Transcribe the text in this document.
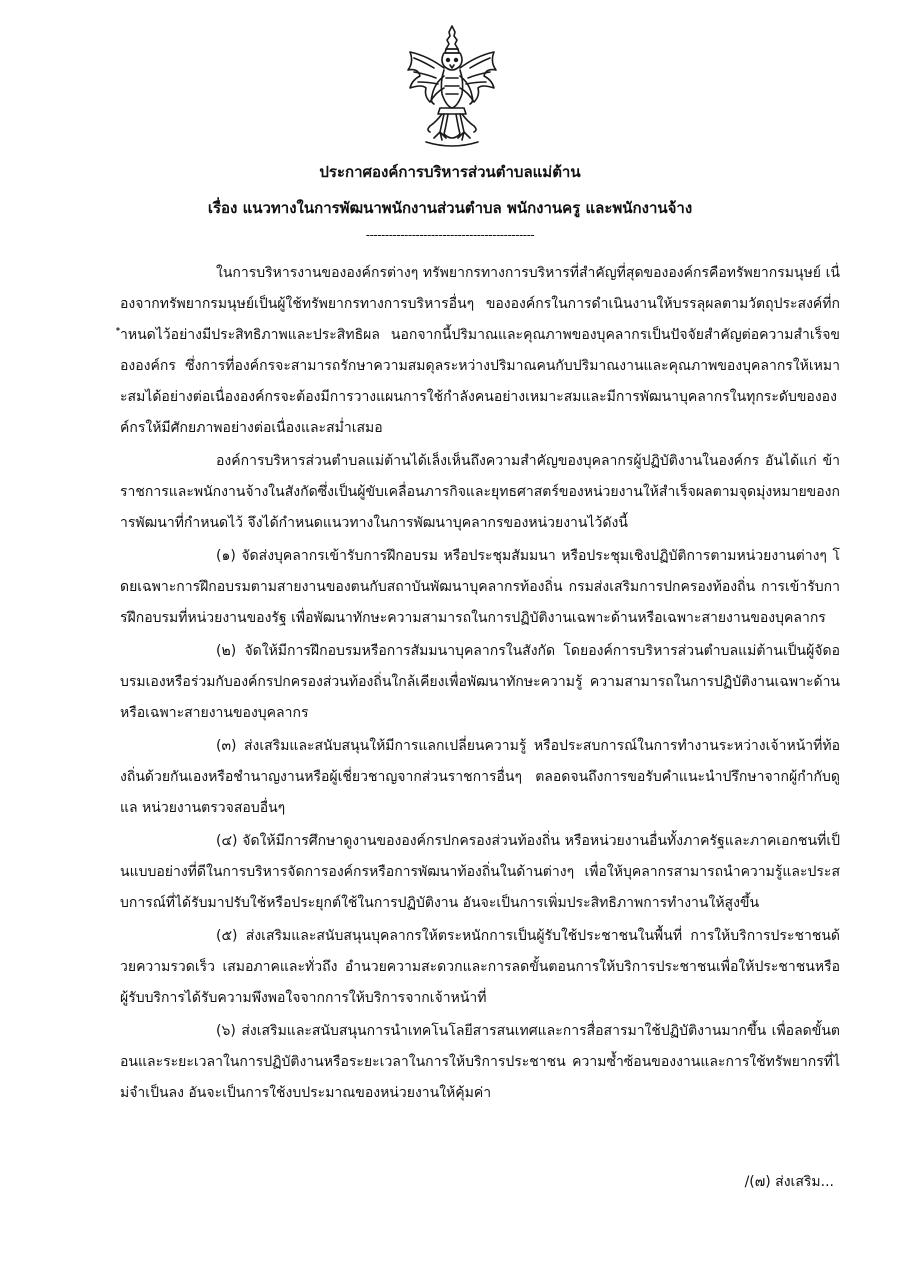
ประกาศองค์การบริหารส่วนตำบลแม่ต้าน
เรื่อง แนวทางในการพัฒนาพนักงานส่วนตำบล พนักงานครู และพนักงานจ้าง
--------------------------------------------

ในการบริหารงานขององค์กรต่างๆ ทรัพยากรทางการบริหารที่สำคัญที่สุดขององค์กรคือทรัพยากรมนุษย์ เนื่องจากทรัพยากรมนุษย์เป็นผู้ใช้ทรัพยากรทางการบริหารอื่นๆ ขององค์กรในการดำเนินงานให้บรรลุผลตามวัตถุประสงค์ที่กำหนดไว้อย่างมีประสิทธิภาพและประสิทธิผล นอกจากนี้ปริมาณและคุณภาพของบุคลากรเป็นปัจจัยสำคัญต่อความสำเร็จขององค์กร ซึ่งการที่องค์กรจะสามารถรักษาความสมดุลระหว่างปริมาณคนกับปริมาณงานและคุณภาพของบุคลากรให้เหมาะสมได้อย่างต่อเนื่ององค์กรจะต้องมีการวางแผนการใช้กำลังคนอย่างเหมาะสมและมีการพัฒนาบุคลากรในทุกระดับขององค์กรให้มีศักยภาพอย่างต่อเนื่องและสม่ำเสมอ

องค์การบริหารส่วนตำบลแม่ต้านได้เล็งเห็นถึงความสำคัญของบุคลากรผู้ปฏิบัติงานในองค์กร อันได้แก่ ข้าราชการและพนักงานจ้างในสังกัดซึ่งเป็นผู้ขับเคลื่อนภารกิจและยุทธศาสตร์ของหน่วยงานให้สำเร็จผลตามจุดมุ่งหมายของการพัฒนาที่กำหนดไว้ จึงได้กำหนดแนวทางในการพัฒนาบุคลากรของหน่วยงานไว้ดังนี้

(๑) จัดส่งบุคลากรเข้ารับการฝึกอบรม หรือประชุมสัมมนา หรือประชุมเชิงปฏิบัติการตามหน่วยงานต่างๆ โดยเฉพาะการฝึกอบรมตามสายงานของตนกับสถาบันพัฒนาบุคลากรท้องถิ่น กรมส่งเสริมการปกครองท้องถิ่น การเข้ารับการฝึกอบรมที่หน่วยงานของรัฐ เพื่อพัฒนาทักษะความสามารถในการปฏิบัติงานเฉพาะด้านหรือเฉพาะสายงานของบุคลากร

(๒) จัดให้มีการฝึกอบรมหรือการสัมมนาบุคลากรในสังกัด โดยองค์การบริหารส่วนตำบลแม่ต้านเป็นผู้จัดอบรมเองหรือร่วมกับองค์กรปกครองส่วนท้องถิ่นใกล้เคียงเพื่อพัฒนาทักษะความรู้ ความสามารถในการปฏิบัติงานเฉพาะด้านหรือเฉพาะสายงานของบุคลากร

(๓) ส่งเสริมและสนับสนุนให้มีการแลกเปลี่ยนความรู้ หรือประสบการณ์ในการทำงานระหว่างเจ้าหน้าที่ท้องถิ่นด้วยกันเองหรือชำนาญงานหรือผู้เชี่ยวชาญจากส่วนราชการอื่นๆ ตลอดจนถึงการขอรับคำแนะนำปรึกษาจากผู้กำกับดูแล หน่วยงานตรวจสอบอื่นๆ

(๔) จัดให้มีการศึกษาดูงานขององค์กรปกครองส่วนท้องถิ่น หรือหน่วยงานอื่นทั้งภาครัฐและภาคเอกชนที่เป็นแบบอย่างที่ดีในการบริหารจัดการองค์กรหรือการพัฒนาท้องถิ่นในด้านต่างๆ เพื่อให้บุคลากรสามารถนำความรู้และประสบการณ์ที่ได้รับมาปรับใช้หรือประยุกต์ใช้ในการปฏิบัติงาน อันจะเป็นการเพิ่มประสิทธิภาพการทำงานให้สูงขึ้น

(๕) ส่งเสริมและสนับสนุนบุคลากรให้ตระหนักการเป็นผู้รับใช้ประชาชนในพื้นที่ การให้บริการประชาชนด้วยความรวดเร็ว เสมอภาคและทั่วถึง อำนวยความสะดวกและการลดขั้นตอนการให้บริการประชาชนเพื่อให้ประชาชนหรือผู้รับบริการได้รับความพึงพอใจจากการให้บริการจากเจ้าหน้าที่

(๖) ส่งเสริมและสนับสนุนการนำเทคโนโลยีสารสนเทศและการสื่อสารมาใช้ปฏิบัติงานมากขึ้น เพื่อลดขั้นตอนและระยะเวลาในการปฏิบัติงานหรือระยะเวลาในการให้บริการประชาชน ความซ้ำซ้อนของงานและการใช้ทรัพยากรที่ไม่จำเป็นลง อันจะเป็นการใช้งบประมาณของหน่วยงานให้คุ้มค่า

/(๗) ส่งเสริม...
